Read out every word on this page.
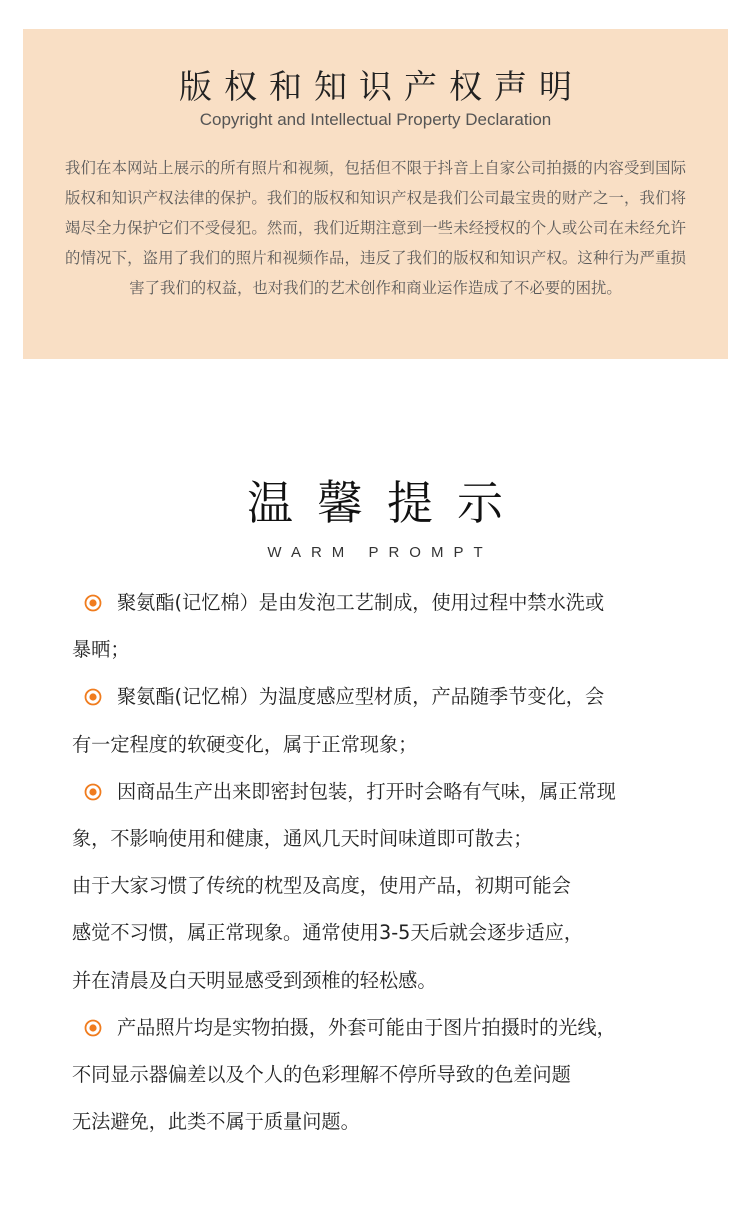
版权和知识产权声明
Copyright and Intellectual Property Declaration
我们在本网站上展示的所有照片和视频，包括但不限于抖音上自家公司拍摄的内容受到国际版权和知识产权法律的保护。我们的版权和知识产权是我们公司最宝贵的财产之一，我们将竭尽全力保护它们不受侵犯。然而，我们近期注意到一些未经授权的个人或公司在未经允许的情况下，盗用了我们的照片和视频作品，违反了我们的版权和知识产权。这种行为严重损害了我们的权益，也对我们的艺术创作和商业运作造成了不必要的困扰。
温馨提示
WARM PROMPT
聚氨酯(记忆棉）是由发泡工艺制成，使用过程中禁水洗或
暴晒；
聚氨酯(记忆棉）为温度感应型材质，产品随季节变化，会
有一定程度的软硬变化，属于正常现象；
因商品生产出来即密封包装，打开时会略有气味，属正常现
象，不影响使用和健康，通风几天时间味道即可散去；
由于大家习惯了传统的枕型及高度，使用产品，初期可能会
感觉不习惯，属正常现象。通常使用3-5天后就会逐步适应，
并在清晨及白天明显感受到颈椎的轻松感。
产品照片均是实物拍摄，外套可能由于图片拍摄时的光线，
不同显示器偏差以及个人的色彩理解不停所导致的色差问题
无法避免，此类不属于质量问题。
